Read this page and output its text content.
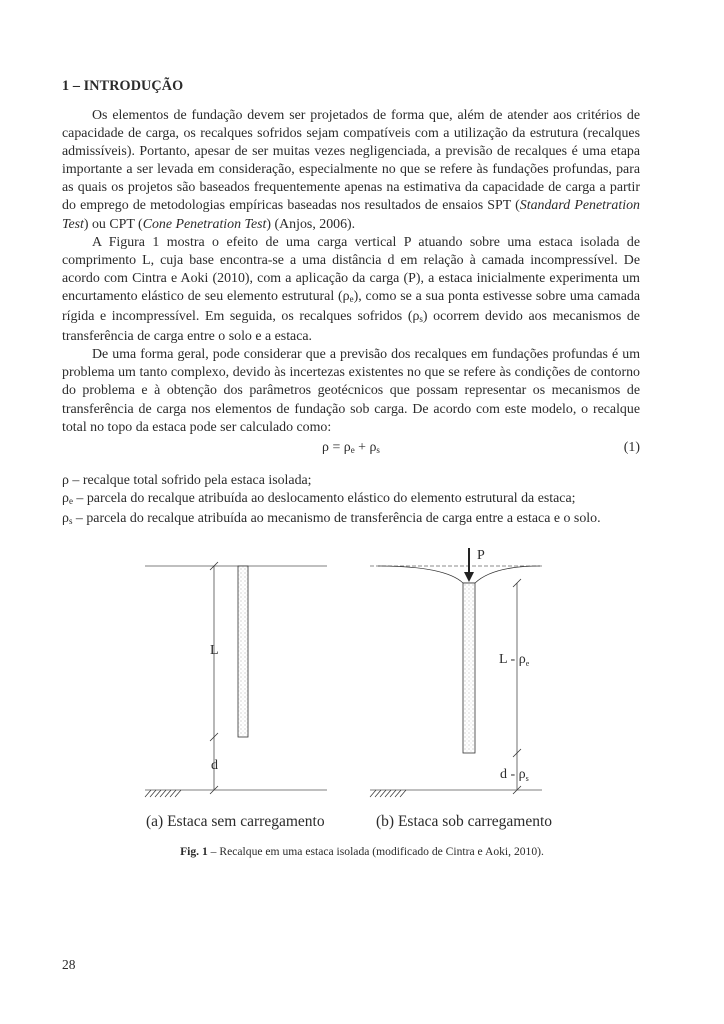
1 – INTRODUÇÃO

Os elementos de fundação devem ser projetados de forma que, além de atender aos critérios de capacidade de carga, os recalques sofridos sejam compatíveis com a utilização da estrutura (recalques admissíveis). Portanto, apesar de ser muitas vezes negligenciada, a previsão de recalques é uma etapa importante a ser levada em consideração, especialmente no que se refere às fundações profundas, para as quais os projetos são baseados frequentemente apenas na estimativa da capacidade de carga a partir do emprego de metodologias empíricas baseadas nos resultados de ensaios SPT (Standard Penetration Test) ou CPT (Cone Penetration Test) (Anjos, 2006).

A Figura 1 mostra o efeito de uma carga vertical P atuando sobre uma estaca isolada de comprimento L, cuja base encontra-se a uma distância d em relação à camada incompressível. De acordo com Cintra e Aoki (2010), com a aplicação da carga (P), a estaca inicialmente experimenta um encurtamento elástico de seu elemento estrutural $(\rho_e)$, como se a sua ponta estivesse sobre uma camada rígida e incompressível. Em seguida, os recalques sofridos $(\rho_s)$ ocorrem devido aos mecanismos de transferência de carga entre o solo e a estaca.

De uma forma geral, pode considerar que a previsão dos recalques em fundações profundas é um problema um tanto complexo, devido às incertezas existentes no que se refere às condições de contorno do problema e à obtenção dos parâmetros geotécnicos que possam representar os mecanismos de transferência de carga nos elementos de fundação sob carga. De acordo com este modelo, o recalque total no topo da estaca pode ser calculado como:

$\rho = \rho_e + \rho_s$	(1)
ρ – recalque total sofrido pela estaca isolada;
$\rho_e$ – parcela do recalque atribuída ao deslocamento elástico do elemento estrutural da estaca;
$\rho_s$ – parcela do recalque atribuída ao mecanismo de transferência de carga entre a estaca e o solo.
L
d
P
L - $\rho_e$
d - $\rho_s$
(a) Estaca sem carregamento	(b) Estaca sob carregamento
Fig. 1 – Recalque em uma estaca isolada (modificado de Cintra e Aoki, 2010).
28
